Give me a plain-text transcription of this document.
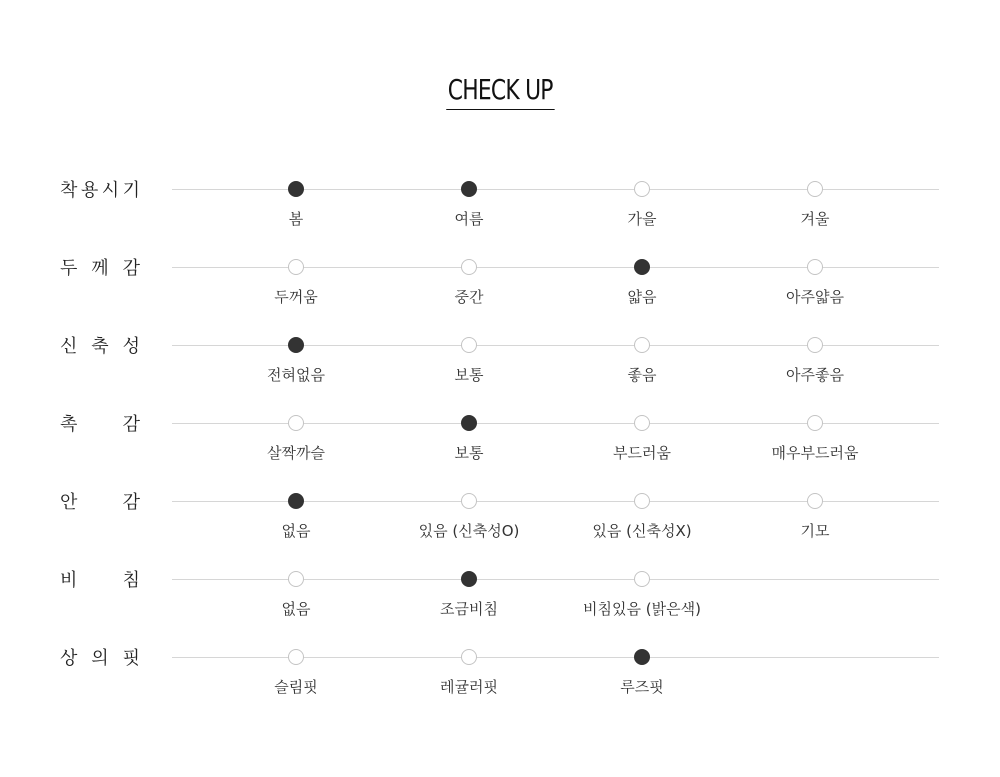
CHECK UP
착 용 시 기
봄	여름	가을	겨울
두 께 감
두꺼움	중간	얇음	아주얇음
신 축 성
전혀없음	보통	좋음	아주좋음
촉	감
살짝까슬	보통	부드러움	매우부드러움
안	감
없음	있음 (신축성O)	있음 (신축성X)	기모
비	침
없음	조금비침	비침있음 (밝은색)
상 의 핏
슬림핏	레귤러핏	루즈핏
